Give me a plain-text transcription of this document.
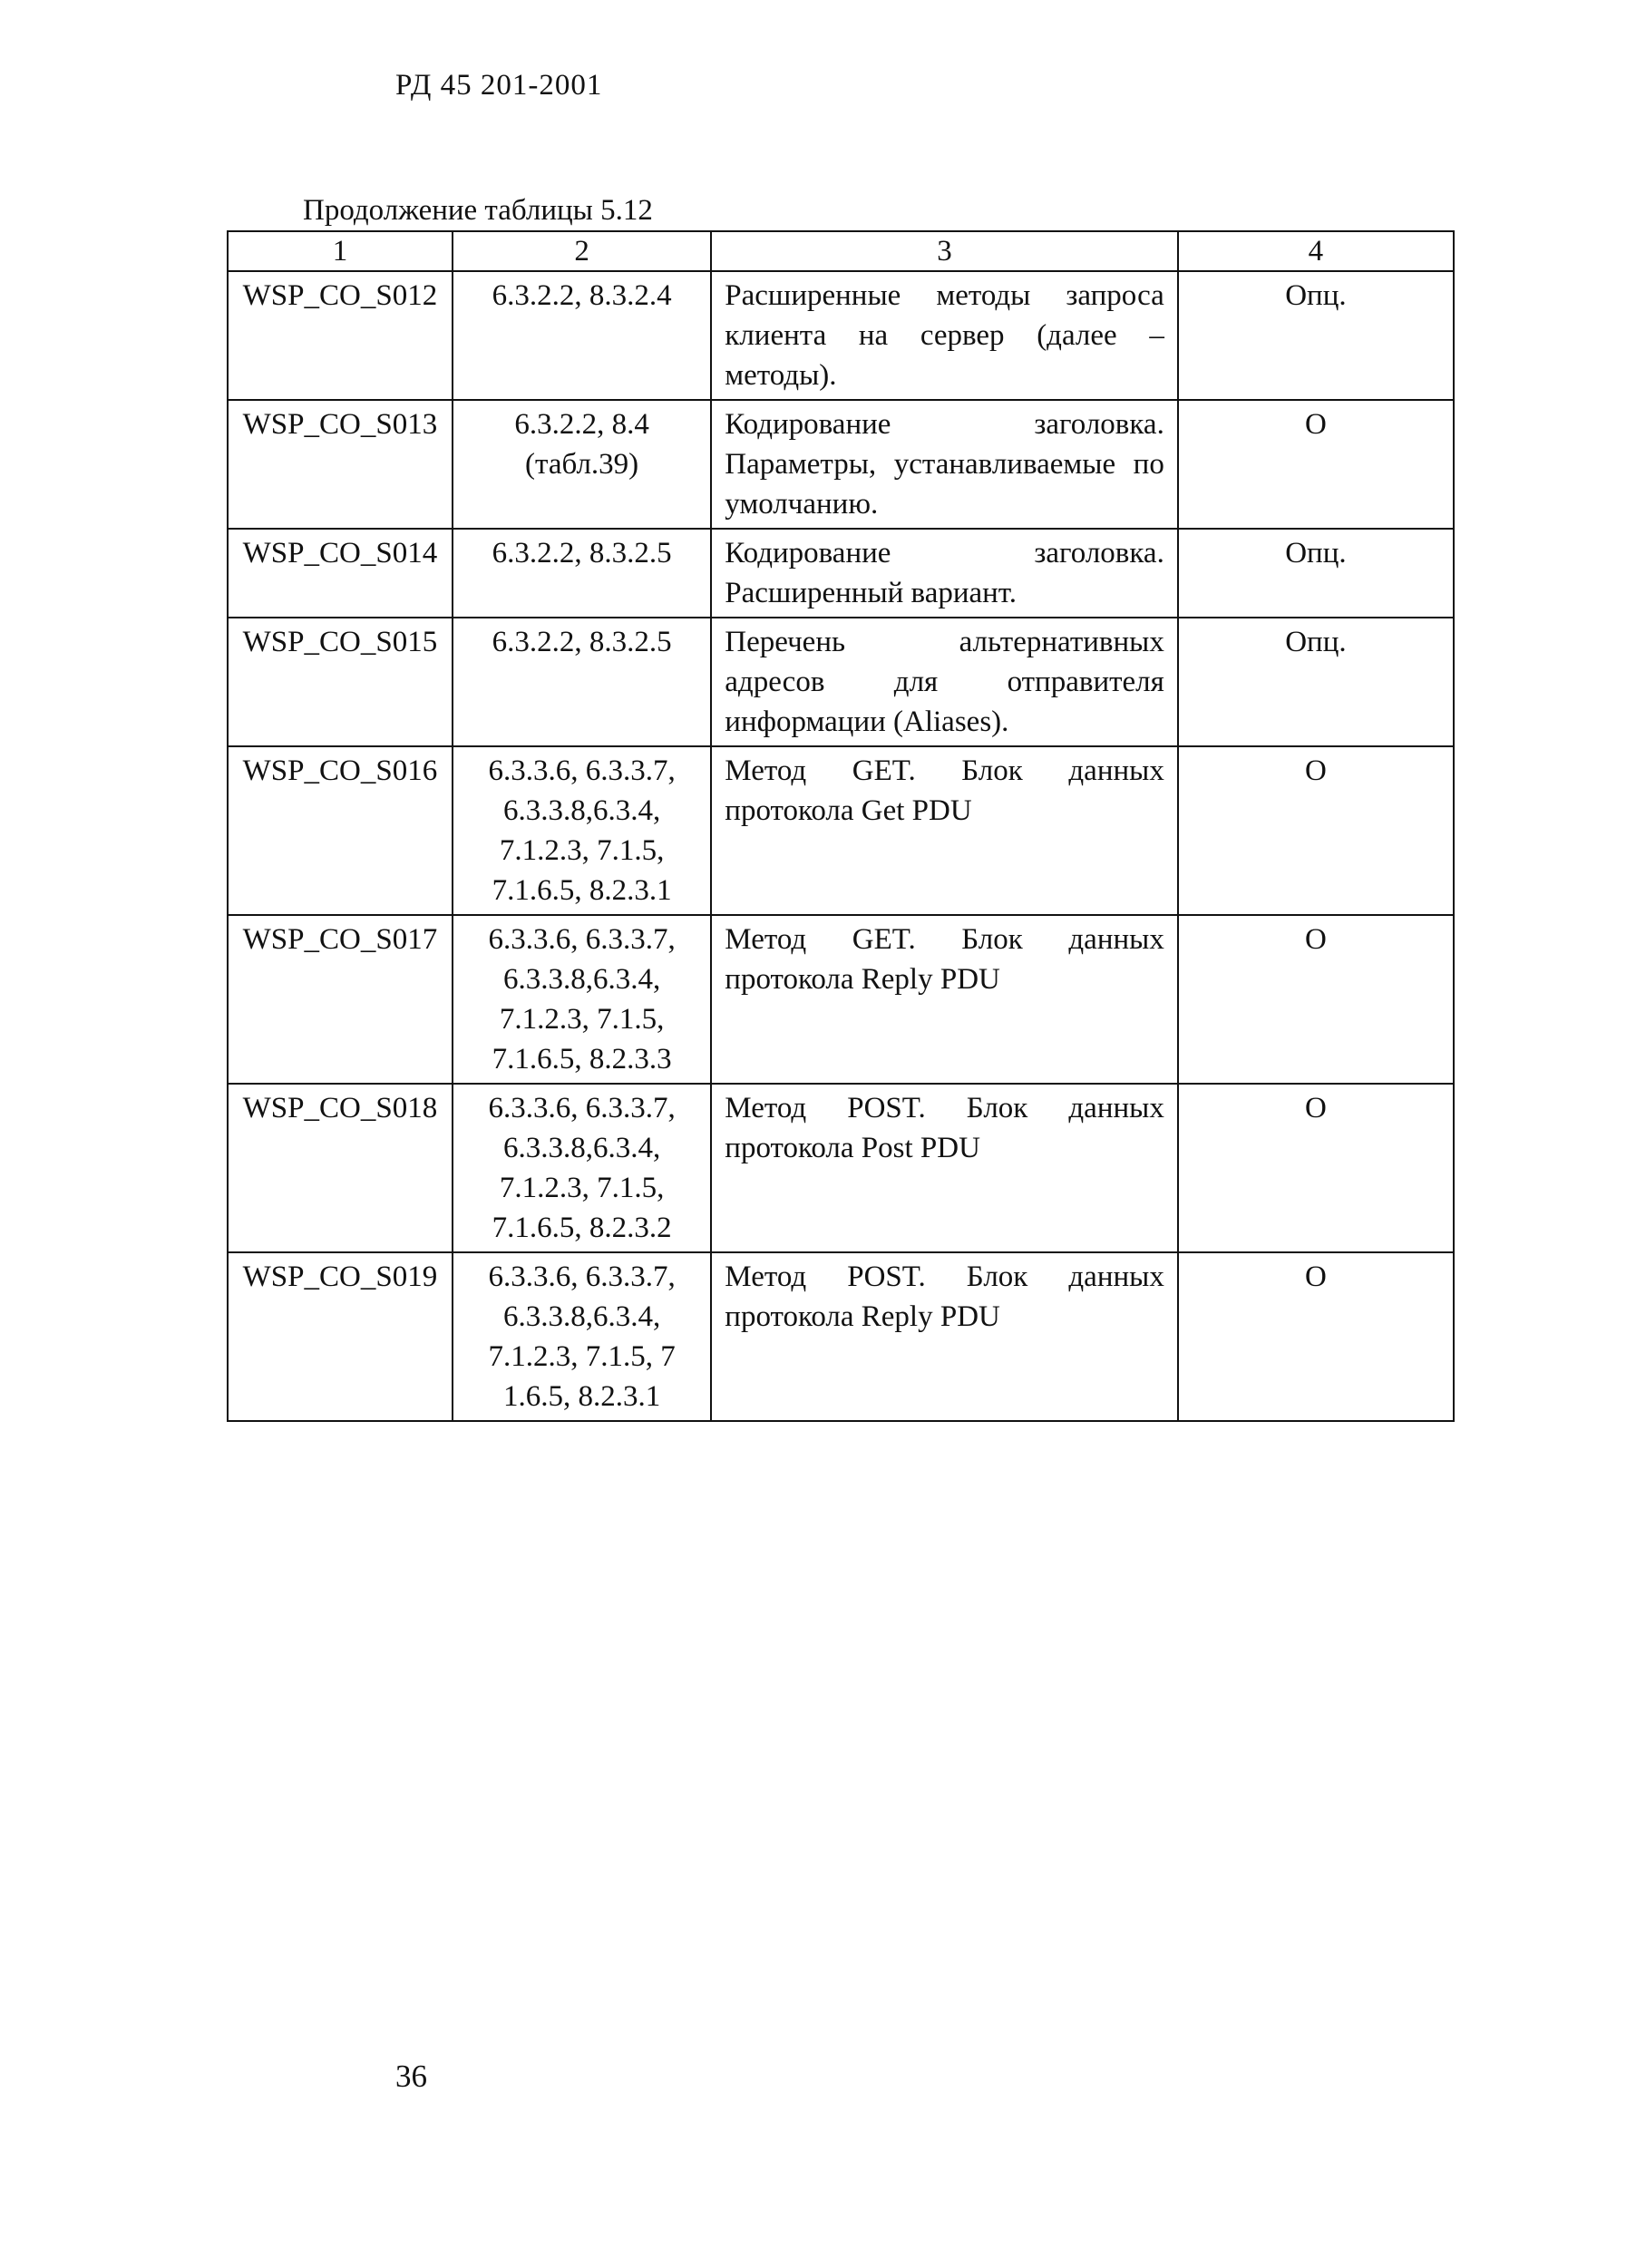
РД 45 201-2001
Продолжение таблицы 5.12
1	2	3	4
WSP_CO_S012	6.3.2.2, 8.3.2.4	Расширенные методы запроса клиента на сервер (далее – методы).	Опц.
WSP_CO_S013	6.3.2.2, 8.4 (табл.39)	Кодирование заголовка. Параметры, устанавливаемые по умолчанию.	О
WSP_CO_S014	6.3.2.2, 8.3.2.5	Кодирование заголовка. Расширенный вариант.	Опц.
WSP_CO_S015	6.3.2.2, 8.3.2.5	Перечень альтернативных адресов для отправителя информации (Aliases).	Опц.
WSP_CO_S016	6.3.3.6, 6.3.3.7, 6.3.3.8,6.3.4, 7.1.2.3, 7.1.5, 7.1.6.5, 8.2.3.1	Метод GET. Блок данных протокола Get PDU	О
WSP_CO_S017	6.3.3.6, 6.3.3.7, 6.3.3.8,6.3.4, 7.1.2.3, 7.1.5, 7.1.6.5, 8.2.3.3	Метод GET. Блок данных протокола Reply PDU	О
WSP_CO_S018	6.3.3.6, 6.3.3.7, 6.3.3.8,6.3.4, 7.1.2.3, 7.1.5, 7.1.6.5, 8.2.3.2	Метод POST. Блок данных протокола Post PDU	О
WSP_CO_S019	6.3.3.6, 6.3.3.7, 6.3.3.8,6.3.4, 7.1.2.3, 7.1.5, 7 1.6.5, 8.2.3.1	Метод POST. Блок данных протокола Reply PDU	О
36
